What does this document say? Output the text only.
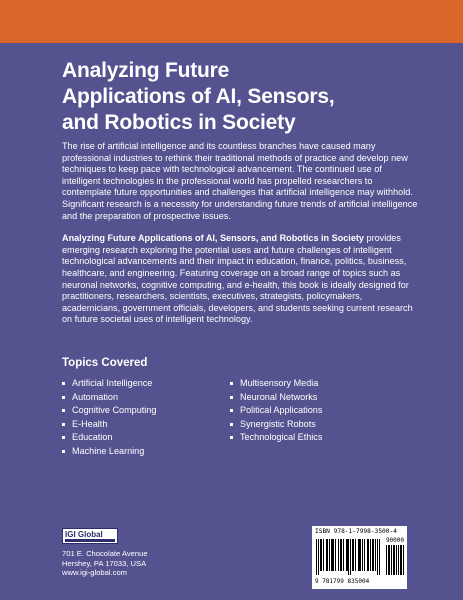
Analyzing Future
Applications of AI, Sensors,
and Robotics in Society

The rise of artificial intelligence and its countless branches have caused many professional industries to rethink their traditional methods of practice and develop new techniques to keep pace with technological advancement. The continued use of intelligent technologies in the professional world has propelled researchers to contemplate future opportunities and challenges that artificial intelligence may withhold. Significant research is a necessity for understanding future trends of artificial intelligence and the preparation of prospective issues.

Analyzing Future Applications of AI, Sensors, and Robotics in Society provides emerging research exploring the potential uses and future challenges of intelligent technological advancements and their impact in education, finance, politics, business, healthcare, and engineering. Featuring coverage on a broad range of topics such as neuronal networks, cognitive computing, and e-health, this book is ideally designed for practitioners, researchers, scientists, executives, strategists, policymakers, academicians, government officials, developers, and students seeking current research on future societal uses of intelligent technology.

Topics Covered
Artificial Intelligence
Automation
Cognitive Computing
E-Health
Education
Machine Learning
Multisensory Media
Neuronal Networks
Political Applications
Synergistic Robots
Technological Ethics
IGI Global
701 E. Chocolate Avenue
Hershey, PA 17033, USA
www.igi-global.com
ISBN 978-1-7998-3500-4
90000
9 781799 835004
